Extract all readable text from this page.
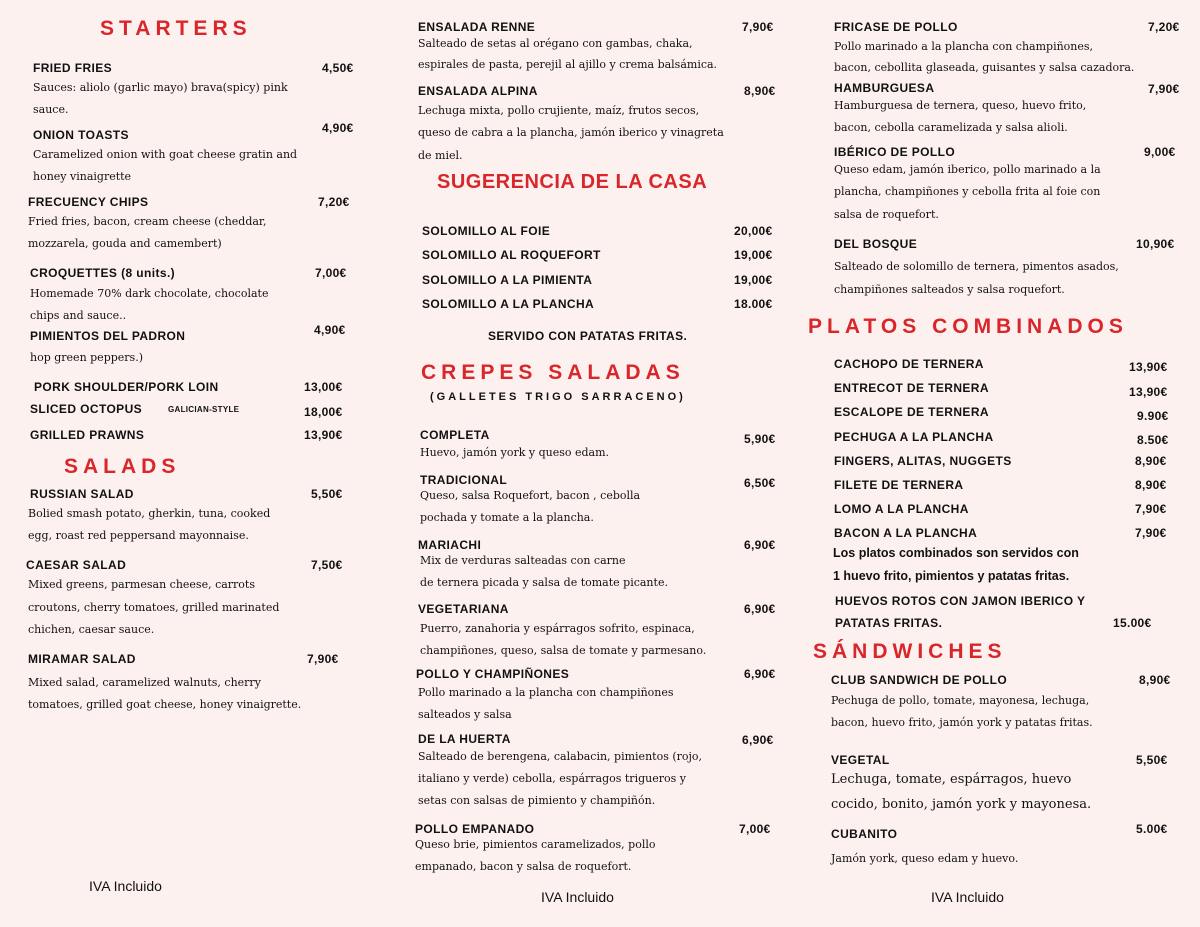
STARTERS
FRIED FRIES	4,50€
Sauces: aliolo (garlic mayo) brava(spicy) pink
sauce.
ONION TOASTS	4,90€
Caramelized onion with goat cheese gratin and
honey vinaigrette
FRECUENCY CHIPS	7,20€
Fried fries, bacon, cream cheese (cheddar,
mozzarela, gouda and camembert)
CROQUETTES (8 units.)	7,00€
Homemade 70% dark chocolate, chocolate
chips and sauce..
PIMIENTOS DEL PADRON	4,90€
hop green peppers.)
PORK SHOULDER/PORK LOIN	13,00€
SLICED OCTOPUS	GALICIAN-STYLE	18,00€
GRILLED PRAWNS	13,90€
SALADS
RUSSIAN SALAD	5,50€
Bolied smash potato, gherkin, tuna, cooked
egg, roast red peppersand mayonnaise.
CAESAR SALAD	7,50€
Mixed greens, parmesan cheese, carrots
croutons, cherry tomatoes, grilled marinated
chichen, caesar sauce.
MIRAMAR SALAD	7,90€
Mixed salad, caramelized walnuts, cherry
tomatoes, grilled goat cheese, honey vinaigrette.
IVA Incluido
ENSALADA RENNE	7,90€
Salteado de setas al orégano con gambas, chaka,
espirales de pasta, perejil al ajillo y crema balsámica.
ENSALADA ALPINA	8,90€
Lechuga mixta, pollo crujiente, maíz, frutos secos,
queso de cabra a la plancha, jamón iberico y vinagreta
de miel.
SUGERENCIA DE LA CASA
SOLOMILLO AL FOIE	20,00€
SOLOMILLO AL ROQUEFORT	19,00€
SOLOMILLO A LA PIMIENTA	19,00€
SOLOMILLO A LA PLANCHA	18.00€
SERVIDO CON PATATAS FRITAS.
CREPES SALADAS
(GALLETES TRIGO SARRACENO)
COMPLETA	5,90€
Huevo, jamón york y queso edam.
TRADICIONAL	6,50€
Queso, salsa Roquefort, bacon , cebolla
pochada y tomate a la plancha.
MARIACHI	6,90€
Mix de verduras salteadas con carne
de ternera picada y salsa de tomate picante.
VEGETARIANA	6,90€
Puerro, zanahoria y espárragos sofrito, espinaca,
champiñones, queso, salsa de tomate y parmesano.
POLLO Y CHAMPIÑONES	6,90€
Pollo marinado a la plancha con champiñones
salteados y salsa
DE LA HUERTA	6,90€
Salteado de berengena, calabacin, pimientos (rojo,
italiano y verde) cebolla, espárragos trigueros y
setas con salsas de pimiento y champiñón.
POLLO EMPANADO	7,00€
Queso brie, pimientos caramelizados, pollo
empanado, bacon y salsa de roquefort.
IVA Incluido
FRICASE DE POLLO	7,20€
Pollo marinado a la plancha con champiñones,
bacon, cebollita glaseada, guisantes y salsa cazadora.
HAMBURGUESA	7,90€
Hamburguesa de ternera, queso, huevo frito,
bacon, cebolla caramelizada y salsa alioli.
IBÉRICO DE POLLO	9,00€
Queso edam, jamón iberico, pollo marinado a la
plancha, champiñones y cebolla frita al foie con
salsa de roquefort.
DEL BOSQUE	10,90€
Salteado de solomillo de ternera, pimentos asados,
champiñones salteados y salsa roquefort.
PLATOS COMBINADOS
CACHOPO DE TERNERA	13,90€
ENTRECOT DE TERNERA	13,90€
ESCALOPE DE TERNERA	9.90€
PECHUGA A LA PLANCHA	8.50€
FINGERS, ALITAS, NUGGETS	8,90€
FILETE DE TERNERA	8,90€
LOMO A LA PLANCHA	7,90€
BACON A LA PLANCHA	7,90€
Los platos combinados son servidos con
1 huevo frito, pimientos y patatas fritas.
HUEVOS ROTOS CON JAMON IBERICO Y
PATATAS FRITAS.	15.00€
SÁNDWICHES
CLUB SANDWICH DE POLLO	8,90€
Pechuga de pollo, tomate, mayonesa, lechuga,
bacon, huevo frito, jamón york y patatas fritas.
VEGETAL	5,50€
Lechuga, tomate, espárragos, huevo
cocido, bonito, jamón york y mayonesa.
CUBANITO	5.00€
Jamón york, queso edam y huevo.
IVA Incluido
